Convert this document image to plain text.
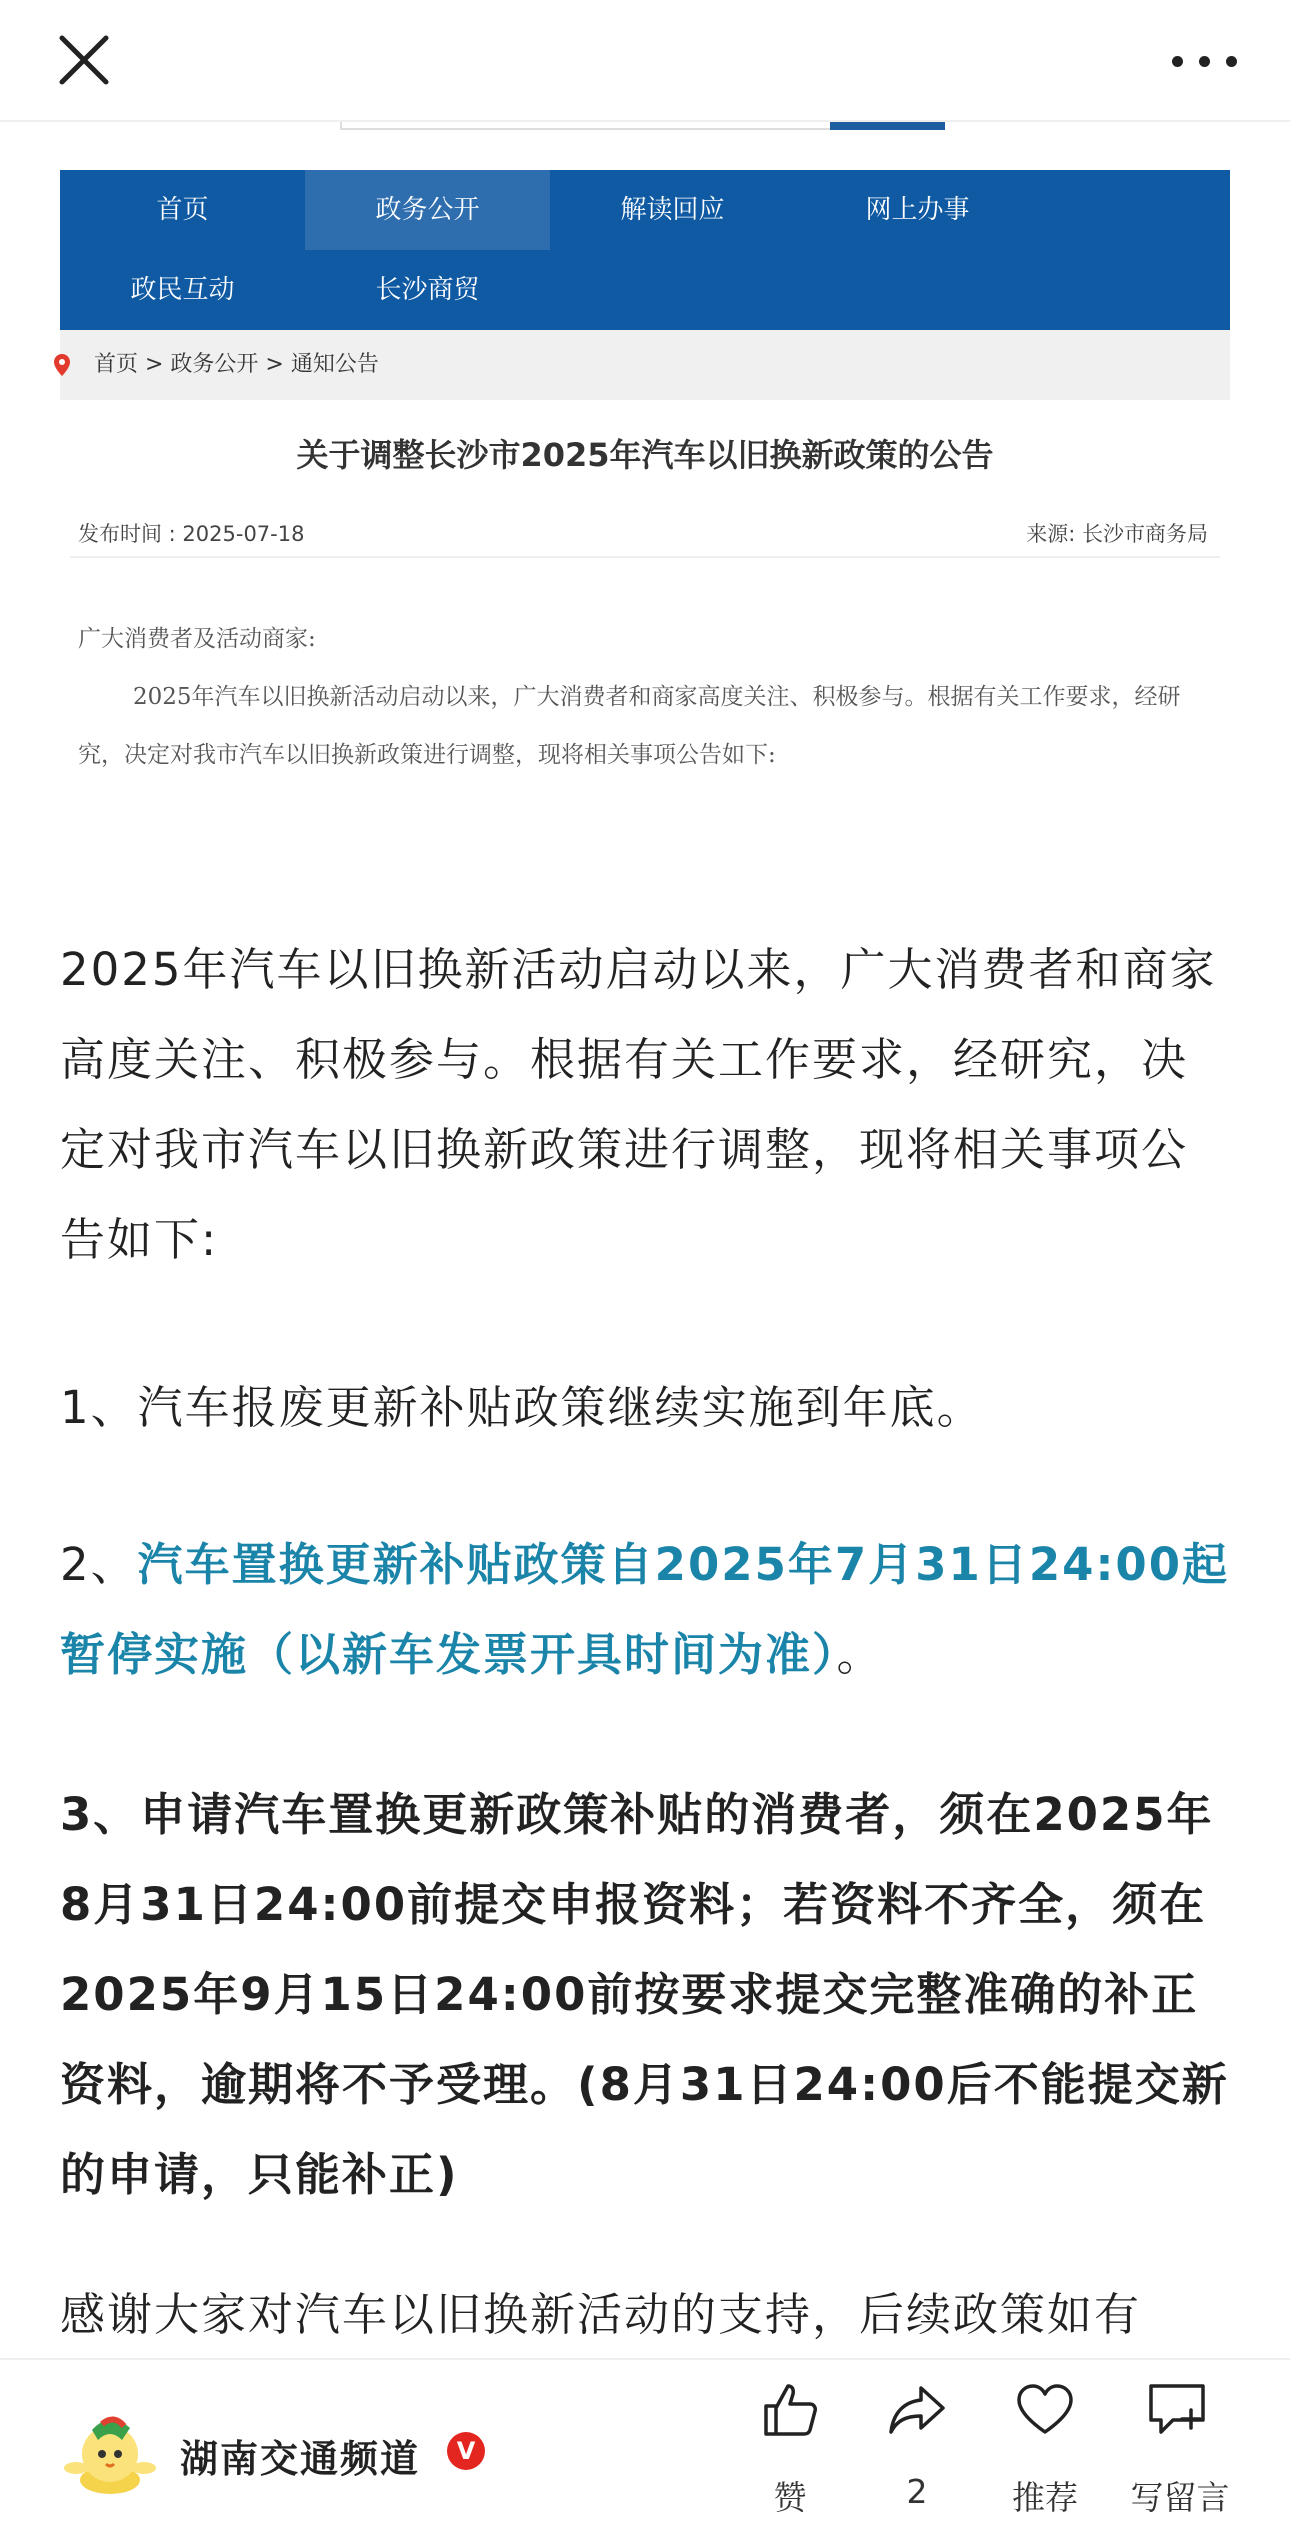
首页	政务公开	解读回应	网上办事
政民互动	长沙商贸
首页 > 政务公开 > 通知公告
关于调整长沙市2025年汽车以旧换新政策的公告
发布时间 : 2025-07-18	来源: 长沙市商务局
广大消费者及活动商家:
2025年汽车以旧换新活动启动以来，广大消费者和商家高度关注、积极参与。根据有关工作要求，经研究，决定对我市汽车以旧换新政策进行调整，现将相关事项公告如下:
2025年汽车以旧换新活动启动以来，广大消费者和商家高度关注、积极参与。根据有关工作要求，经研究，决定对我市汽车以旧换新政策进行调整，现将相关事项公告如下:
1、汽车报废更新补贴政策继续实施到年底。
2、汽车置换更新补贴政策自2025年7月31日24:00起暂停实施（以新车发票开具时间为准）。
3、申请汽车置换更新政策补贴的消费者，须在2025年8月31日24:00前提交申报资料；若资料不齐全，须在2025年9月15日24:00前按要求提交完整准确的补正资料，逾期将不予受理。(8月31日24:00后不能提交新的申请，只能补正)
感谢大家对汽车以旧换新活动的支持，后续政策如有
湖南交通频道	V
赞	2	推荐	写留言
